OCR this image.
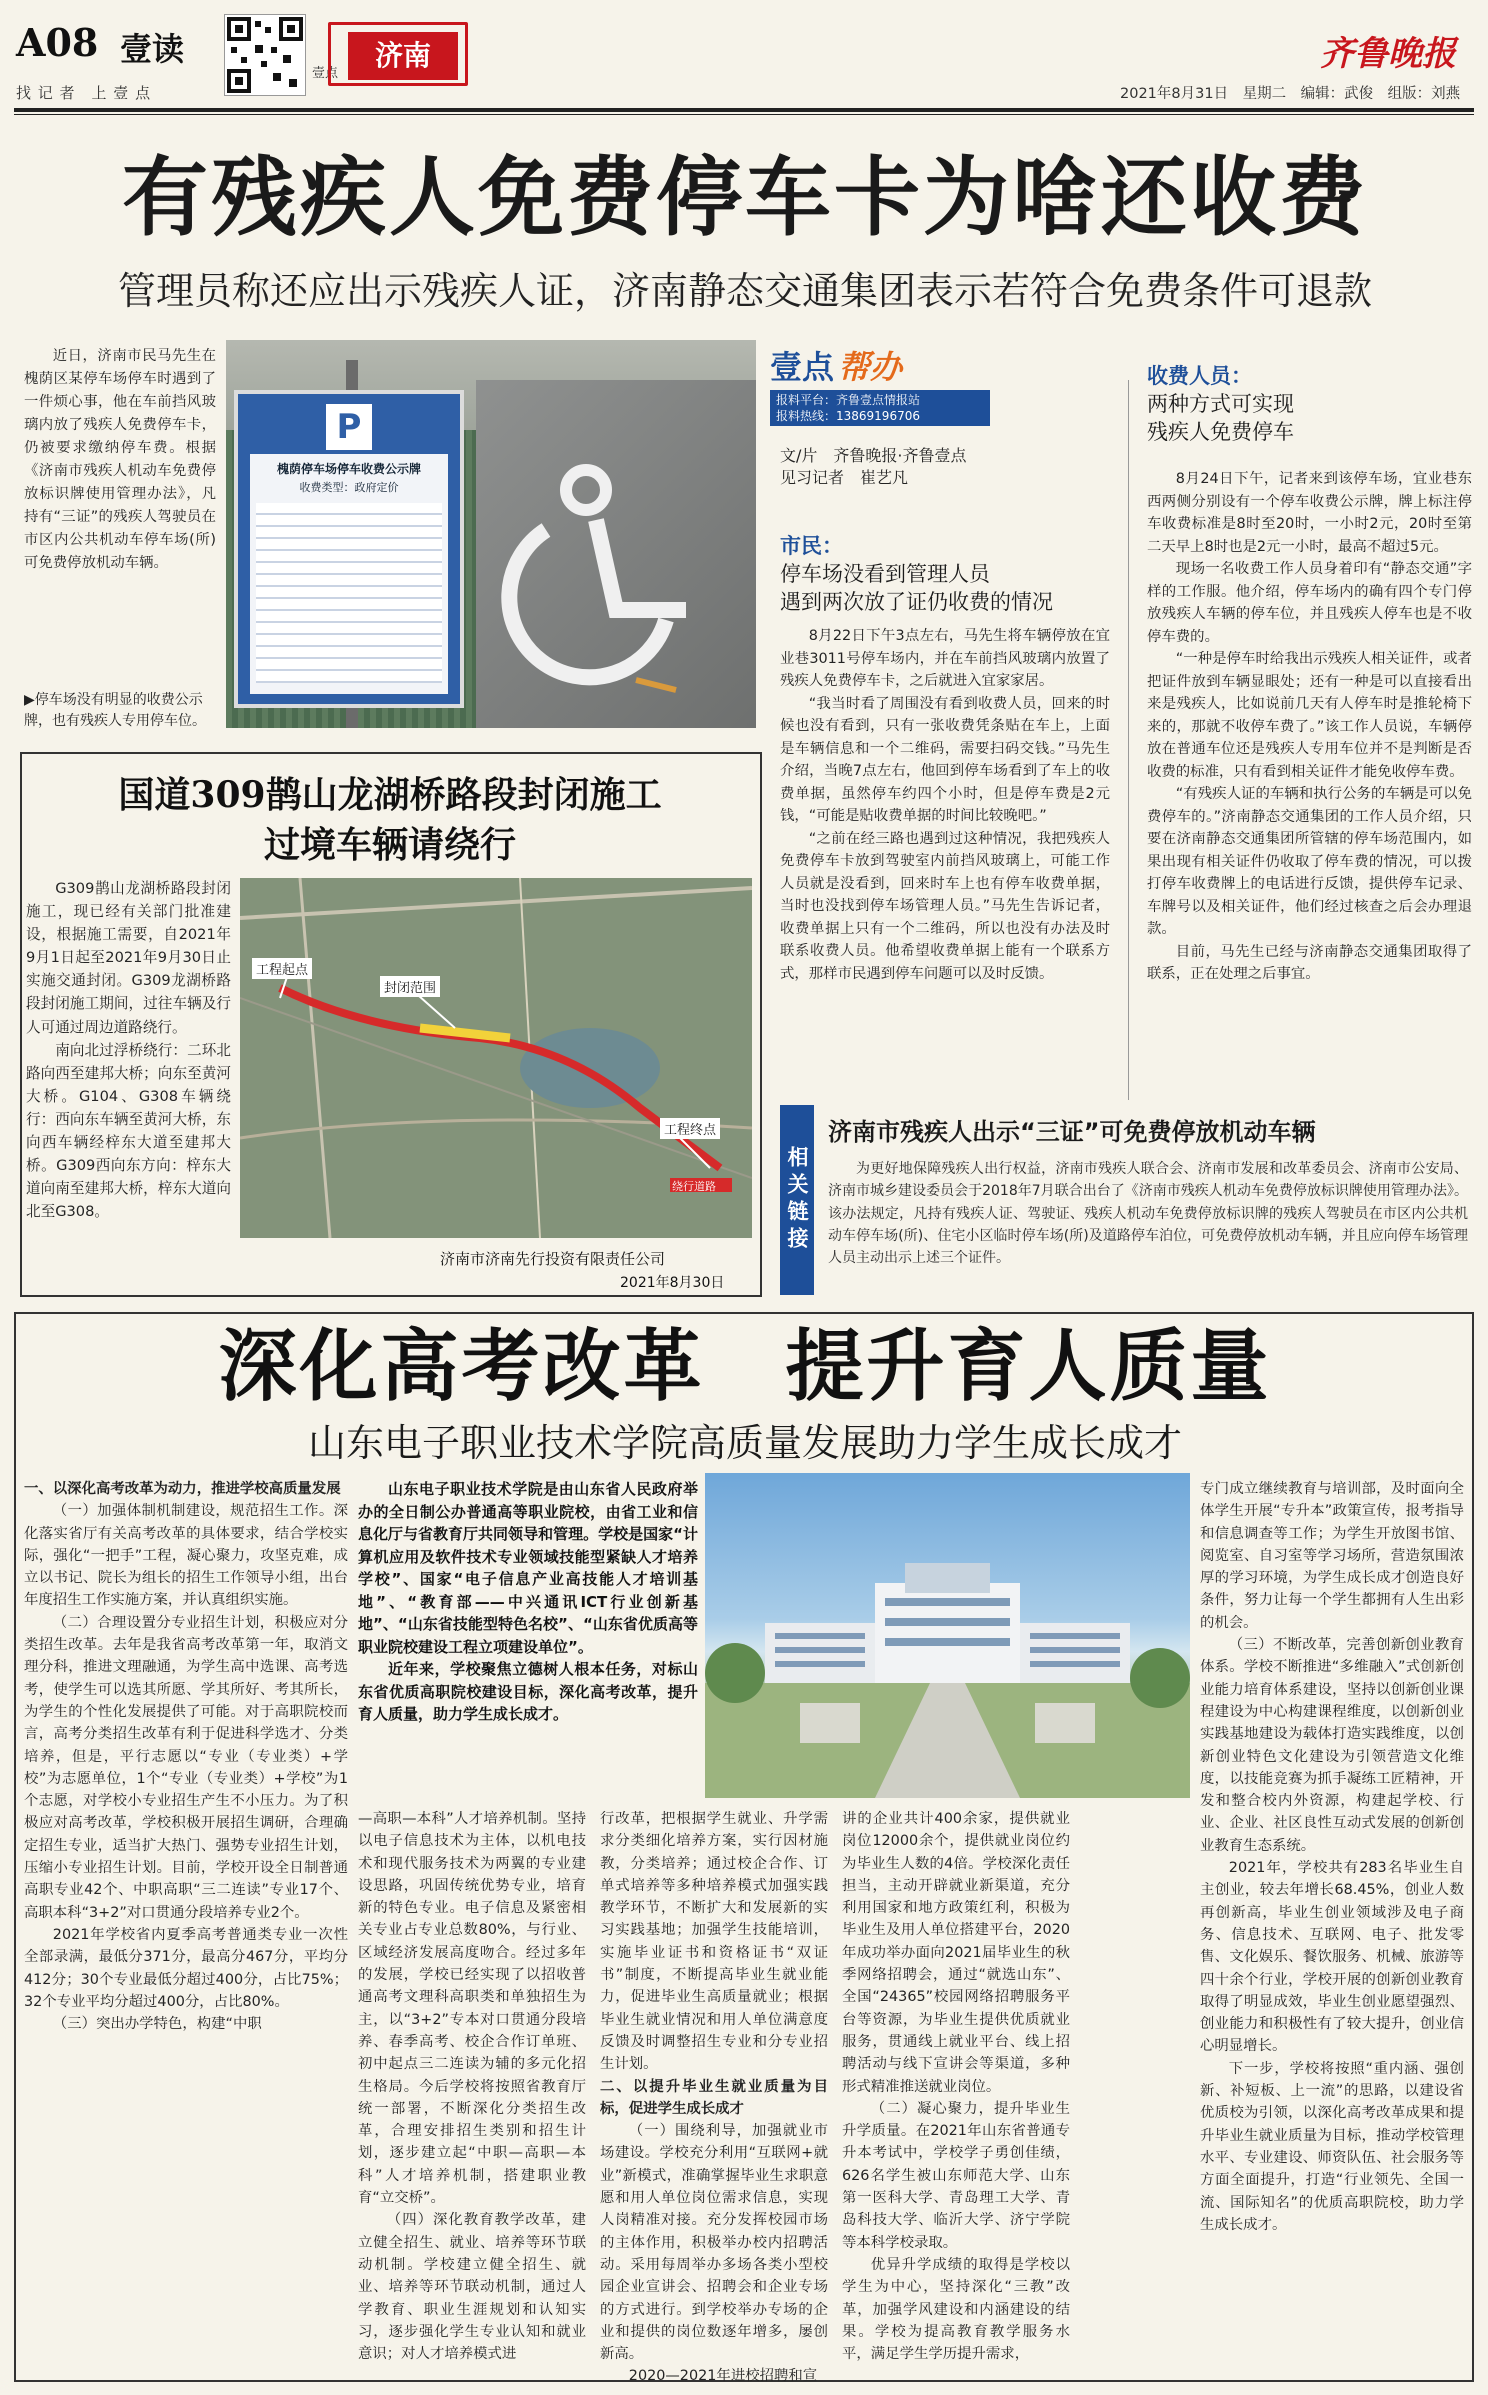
A08 壹读
找 记 者　上 壹 点
壹点
济南
2021年8月31日　星期二　编辑：武俊　组版：刘燕
齐鲁晚报
有残疾人免费停车卡为啥还收费
管理员称还应出示残疾人证，济南静态交通集团表示若符合免费条件可退款

近日，济南市民马先生在槐荫区某停车场停车时遇到了一件烦心事，他在车前挡风玻璃内放了残疾人免费停车卡，仍被要求缴纳停车费。根据《济南市残疾人机动车免费停放标识牌使用管理办法》，凡持有“三证”的残疾人驾驶员在市区内公共机动车停车场(所)可免费停放机动车辆。

P
槐荫停车场停车收费公示牌
收费类型：政府定价
▶停车场没有明显的收费公示牌，也有残疾人专用停车位。
壹点 帮办
报料平台：齐鲁壹点情报站
报料热线：13869196706
文/片　齐鲁晚报·齐鲁壹点
见习记者　崔艺凡
市民：
停车场没看到管理人员
遇到两次放了证仍收费的情况

8月22日下午3点左右，马先生将车辆停放在宜业巷3011号停车场内，并在车前挡风玻璃内放置了残疾人免费停车卡，之后就进入宜家家居。

“我当时看了周围没有看到收费人员，回来的时候也没有看到，只有一张收费凭条贴在车上，上面是车辆信息和一个二维码，需要扫码交钱。”马先生介绍，当晚7点左右，他回到停车场看到了车上的收费单据，虽然停车约四个小时，但是停车费是2元钱，“可能是贴收费单据的时间比较晚吧。”

“之前在经三路也遇到过这种情况，我把残疾人免费停车卡放到驾驶室内前挡风玻璃上，可能工作人员就是没看到，回来时车上也有停车收费单据，当时也没找到停车场管理人员。”马先生告诉记者，收费单据上只有一个二维码，所以也没有办法及时联系收费人员。他希望收费单据上能有一个联系方式，那样市民遇到停车问题可以及时反馈。

收费人员：
两种方式可实现
残疾人免费停车

8月24日下午，记者来到该停车场，宜业巷东西两侧分别设有一个停车收费公示牌，牌上标注停车收费标准是8时至20时，一小时2元，20时至第二天早上8时也是2元一小时，最高不超过5元。

现场一名收费工作人员身着印有“静态交通”字样的工作服。他介绍，停车场内的确有四个专门停放残疾人车辆的停车位，并且残疾人停车也是不收停车费的。

“一种是停车时给我出示残疾人相关证件，或者把证件放到车辆显眼处；还有一种是可以直接看出来是残疾人，比如说前几天有人停车时是推轮椅下来的，那就不收停车费了。”该工作人员说，车辆停放在普通车位还是残疾人专用车位并不是判断是否收费的标准，只有看到相关证件才能免收停车费。

“有残疾人证的车辆和执行公务的车辆是可以免费停车的。”济南静态交通集团的工作人员介绍，只要在济南静态交通集团所管辖的停车场范围内，如果出现有相关证件仍收取了停车费的情况，可以拨打停车收费牌上的电话进行反馈，提供停车记录、车牌号以及相关证件，他们经过核查之后会办理退款。

目前，马先生已经与济南静态交通集团取得了联系，正在处理之后事宜。

相关链接
济南市残疾人出示“三证”可免费停放机动车辆
为更好地保障残疾人出行权益，济南市残疾人联合会、济南市发展和改革委员会、济南市公安局、济南市城乡建设委员会于2018年7月联合出台了《济南市残疾人机动车免费停放标识牌使用管理办法》。该办法规定，凡持有残疾人证、驾驶证、残疾人机动车免费停放标识牌的残疾人驾驶员在市区内公共机动车停车场(所)、住宅小区临时停车场(所)及道路停车泊位，可免费停放机动车辆，并且应向停车场管理人员主动出示上述三个证件。
国道309鹊山龙湖桥路段封闭施工
过境车辆请绕行

G309鹊山龙湖桥路段封闭施工，现已经有关部门批准建设，根据施工需要，自2021年9月1日起至2021年9月30日止实施交通封闭。G309龙湖桥路段封闭施工期间，过往车辆及行人可通过周边道路绕行。

南向北过浮桥绕行：二环北路向西至建邦大桥；向东至黄河大桥。G104、G308车辆绕行：西向东车辆至黄河大桥，东向西车辆经梓东大道至建邦大桥。G309西向东方向：梓东大道向南至建邦大桥，梓东大道向北至G308。

工程起点
封闭范围
工程终点
绕行道路
济南市济南先行投资有限责任公司
2021年8月30日
深化高考改革　提升育人质量
山东电子职业技术学院高质量发展助力学生成长成才

山东电子职业技术学院是由山东省人民政府举办的全日制公办普通高等职业院校，由省工业和信息化厅与省教育厅共同领导和管理。学校是国家“计算机应用及软件技术专业领域技能型紧缺人才培养学校”、国家“电子信息产业高技能人才培训基地”、“教育部——中兴通讯ICT行业创新基地”、“山东省技能型特色名校”、“山东省优质高等职业院校建设工程立项建设单位”。

近年来，学校聚焦立德树人根本任务，对标山东省优质高职院校建设目标，深化高考改革，提升育人质量，助力学生成长成才。

一、以深化高考改革为动力，推进学校高质量发展

（一）加强体制机制建设，规范招生工作。深化落实省厅有关高考改革的具体要求，结合学校实际，强化“一把手”工程，凝心聚力，攻坚克难，成立以书记、院长为组长的招生工作领导小组，出台年度招生工作实施方案，并认真组织实施。

（二）合理设置分专业招生计划，积极应对分类招生改革。去年是我省高考改革第一年，取消文理分科，推进文理融通，为学生高中选课、高考选考，使学生可以选其所愿、学其所好、考其所长，为学生的个性化发展提供了可能。对于高职院校而言，高考分类招生改革有利于促进科学选才、分类培养，但是，平行志愿以“专业（专业类）+学校”为志愿单位，1个“专业（专业类）+学校”为1个志愿，对学校小专业招生产生不小压力。为了积极应对高考改革，学校积极开展招生调研，合理确定招生专业，适当扩大热门、强势专业招生计划，压缩小专业招生计划。目前，学校开设全日制普通高职专业42个、中职高职“三二连读”专业17个、高职本科“3+2”对口贯通分段培养专业2个。

2021年学校省内夏季高考普通类专业一次性全部录满，最低分371分，最高分467分，平均分412分；30个专业最低分超过400分，占比75%；32个专业平均分超过400分，占比80%。

（三）突出办学特色，构建“中职

—高职—本科”人才培养机制。坚持以电子信息技术为主体，以机电技术和现代服务技术为两翼的专业建设思路，巩固传统优势专业，培育新的特色专业。电子信息及紧密相关专业占专业总数80%，与行业、区域经济发展高度吻合。经过多年的发展，学校已经实现了以招收普通高考文理科高职类和单独招生为主，以“3+2”专本对口贯通分段培养、春季高考、校企合作订单班、初中起点三二连读为辅的多元化招生格局。今后学校将按照省教育厅统一部署，不断深化分类招生改革，合理安排招生类别和招生计划，逐步建立起“中职—高职—本科”人才培养机制，搭建职业教育“立交桥”。

（四）深化教育教学改革，建立健全招生、就业、培养等环节联动机制。学校建立健全招生、就业、培养等环节联动机制，通过人学教育、职业生涯规划和认知实习，逐步强化学生专业认知和就业意识；对人才培养模式进

行改革，把根据学生就业、升学需求分类细化培养方案，实行因材施教，分类培养；通过校企合作、订单式培养等多种培养模式加强实践教学环节，不断扩大和发展新的实习实践基地；加强学生技能培训，实施毕业证书和资格证书“双证书”制度，不断提高毕业生就业能力，促进毕业生高质量就业；根据毕业生就业情况和用人单位满意度反馈及时调整招生专业和分专业招生计划。

二、以提升毕业生就业质量为目标，促进学生成长成才

（一）围绕利导，加强就业市场建设。学校充分利用“互联网+就业”新模式，准确掌握毕业生求职意愿和用人单位岗位需求信息，实现人岗精准对接。充分发挥校园市场的主体作用，积极举办校内招聘活动。采用每周举办多场各类小型校园企业宣讲会、招聘会和企业专场的方式进行。到学校举办专场的企业和提供的岗位数逐年增多，屡创新高。

2020—2021年进校招聘和宣

讲的企业共计400余家，提供就业岗位12000余个，提供就业岗位约为毕业生人数的4倍。学校深化责任担当，主动开辟就业新渠道，充分利用国家和地方政策红利，积极为毕业生及用人单位搭建平台，2020年成功举办面向2021届毕业生的秋季网络招聘会，通过“就选山东”、全国“24365”校园网络招聘服务平台等资源，为毕业生提供优质就业服务，贯通线上就业平台、线上招聘活动与线下宣讲会等渠道，多种形式精准推送就业岗位。

（二）凝心聚力，提升毕业生升学质量。在2021年山东省普通专升本考试中，学校学子勇创佳绩，626名学生被山东师范大学、山东第一医科大学、青岛理工大学、青岛科技大学、临沂大学、济宁学院等本科学校录取。

优异升学成绩的取得是学校以学生为中心，坚持深化“三教”改革，加强学风建设和内涵建设的结果。学校为提高教育教学服务水平，满足学生学历提升需求，

专门成立继续教育与培训部，及时面向全体学生开展“专升本”政策宣传，报考指导和信息调查等工作；为学生开放图书馆、阅览室、自习室等学习场所，营造氛围浓厚的学习环境，为学生成长成才创造良好条件，努力让每一个学生都拥有人生出彩的机会。

（三）不断改革，完善创新创业教育体系。学校不断推进“多维融入”式创新创业能力培育体系建设，坚持以创新创业课程建设为中心构建课程维度，以创新创业实践基地建设为载体打造实践维度，以创新创业特色文化建设为引领营造文化维度，以技能竞赛为抓手凝练工匠精神，开发和整合校内外资源，构建起学校、行业、企业、社区良性互动式发展的创新创业教育生态系统。

2021年，学校共有283名毕业生自主创业，较去年增长68.45%，创业人数再创新高，毕业生创业领域涉及电子商务、信息技术、互联网、电子、批发零售、文化娱乐、餐饮服务、机械、旅游等四十余个行业，学校开展的创新创业教育取得了明显成效，毕业生创业愿望强烈、创业能力和积极性有了较大提升，创业信心明显增长。

下一步，学校将按照“重内涵、强创新、补短板、上一流”的思路，以建设省优质校为引领，以深化高考改革成果和提升毕业生就业质量为目标，推动学校管理水平、专业建设、师资队伍、社会服务等方面全面提升，打造“行业领先、全国一流、国际知名”的优质高职院校，助力学生成长成才。
